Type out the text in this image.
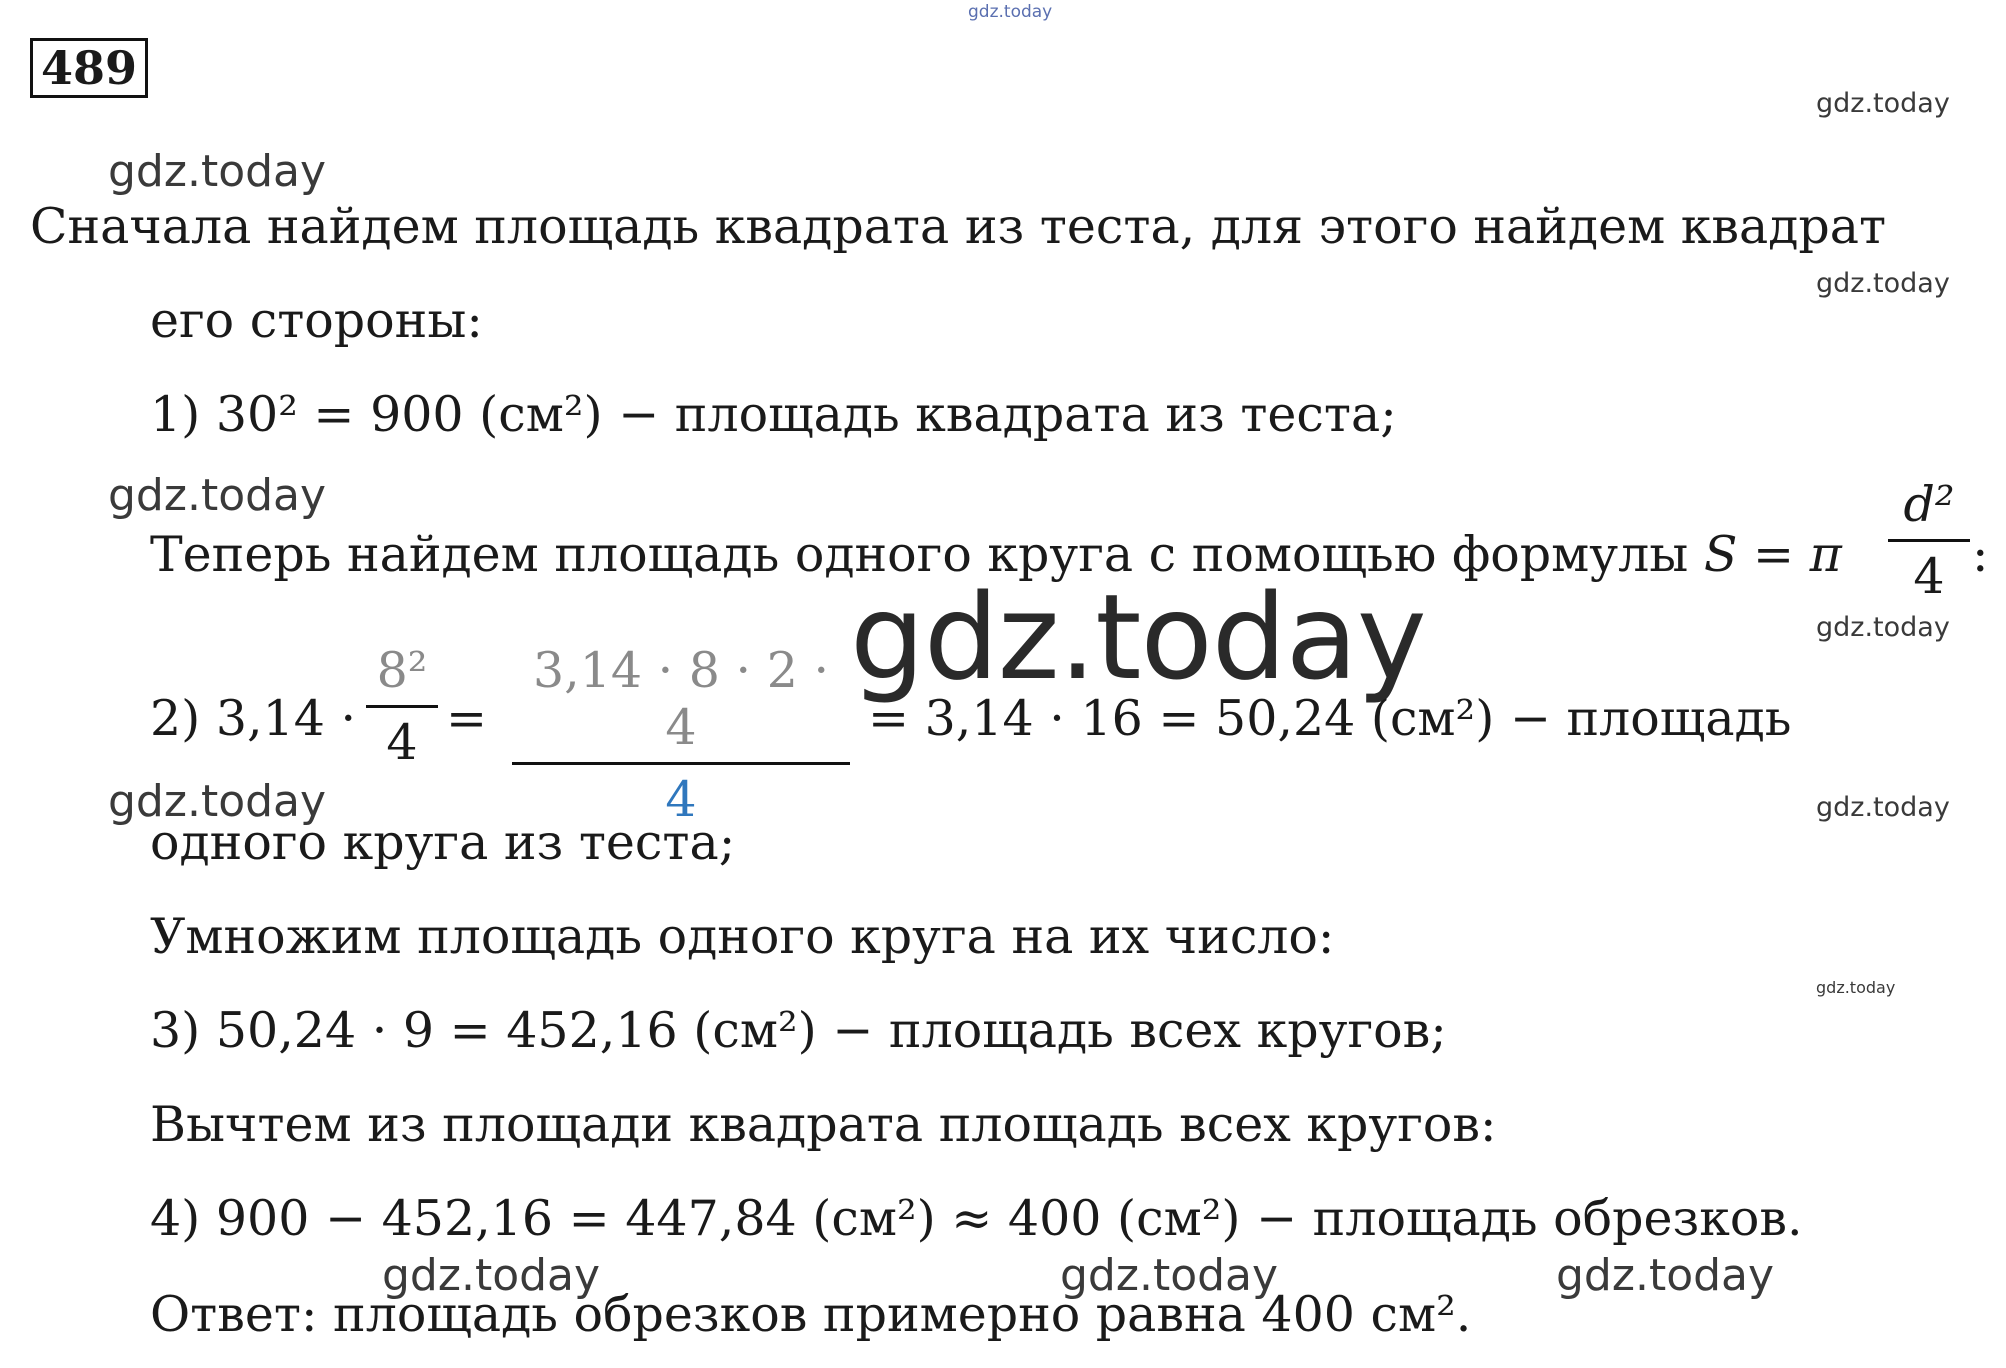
gdz.today
gdz.today
gdz.today
gdz.today
gdz.today
gdz.today	gdz.today
gdz.today	gdz.today
gdz.today
gdz.today	gdz.today	gdz.today
489
Сначала найдем площадь квадрата из теста, для этого найдем квадрат
его стороны:
1) 30² = 900 (см²) − площадь квадрата из теста;
Теперь найдем площадь одного круга с помощью формулы S = π
d²
4 :
2) 3,14 ·
8²
4 =
3,14 · 8 · 2 · 4
4
= 3,14 · 16 = 50,24 (см²) − площадь
одного круга из теста;
Умножим площадь одного круга на их число:
3) 50,24 · 9 = 452,16 (см²) − площадь всех кругов;
Вычтем из площади квадрата площадь всех кругов:
4) 900 − 452,16 = 447,84 (см²) ≈ 400 (см²) − площадь обрезков.
Ответ: площадь обрезков примерно равна 400 см².
